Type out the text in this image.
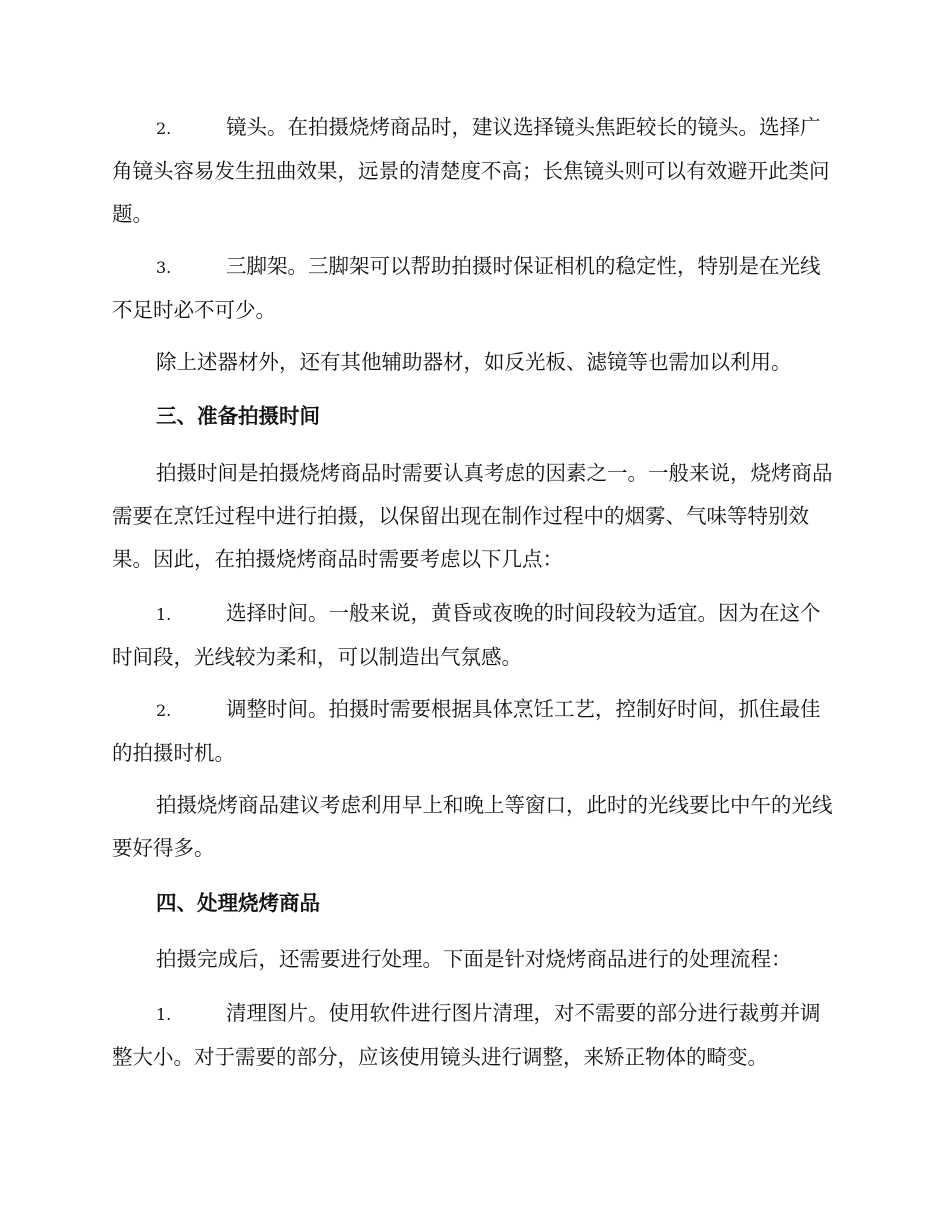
2.	镜头。在拍摄烧烤商品时，建议选择镜头焦距较长的镜头。选择广角镜头容易发生扭曲效果，远景的清楚度不高；长焦镜头则可以有效避开此类问题。

3.	三脚架。三脚架可以帮助拍摄时保证相机的稳定性，特别是在光线不足时必不可少。

除上述器材外，还有其他辅助器材，如反光板、滤镜等也需加以利用。

三、准备拍摄时间

拍摄时间是拍摄烧烤商品时需要认真考虑的因素之一。一般来说，烧烤商品需要在烹饪过程中进行拍摄，以保留出现在制作过程中的烟雾、气味等特别效果。因此，在拍摄烧烤商品时需要考虑以下几点：

1.	选择时间。一般来说，黄昏或夜晚的时间段较为适宜。因为在这个时间段，光线较为柔和，可以制造出气氛感。

2.	调整时间。拍摄时需要根据具体烹饪工艺，控制好时间，抓住最佳的拍摄时机。

拍摄烧烤商品建议考虑利用早上和晚上等窗口，此时的光线要比中午的光线要好得多。

四、处理烧烤商品

拍摄完成后，还需要进行处理。下面是针对烧烤商品进行的处理流程：

1.	清理图片。使用软件进行图片清理，对不需要的部分进行裁剪并调整大小。对于需要的部分，应该使用镜头进行调整，来矫正物体的畸变。
